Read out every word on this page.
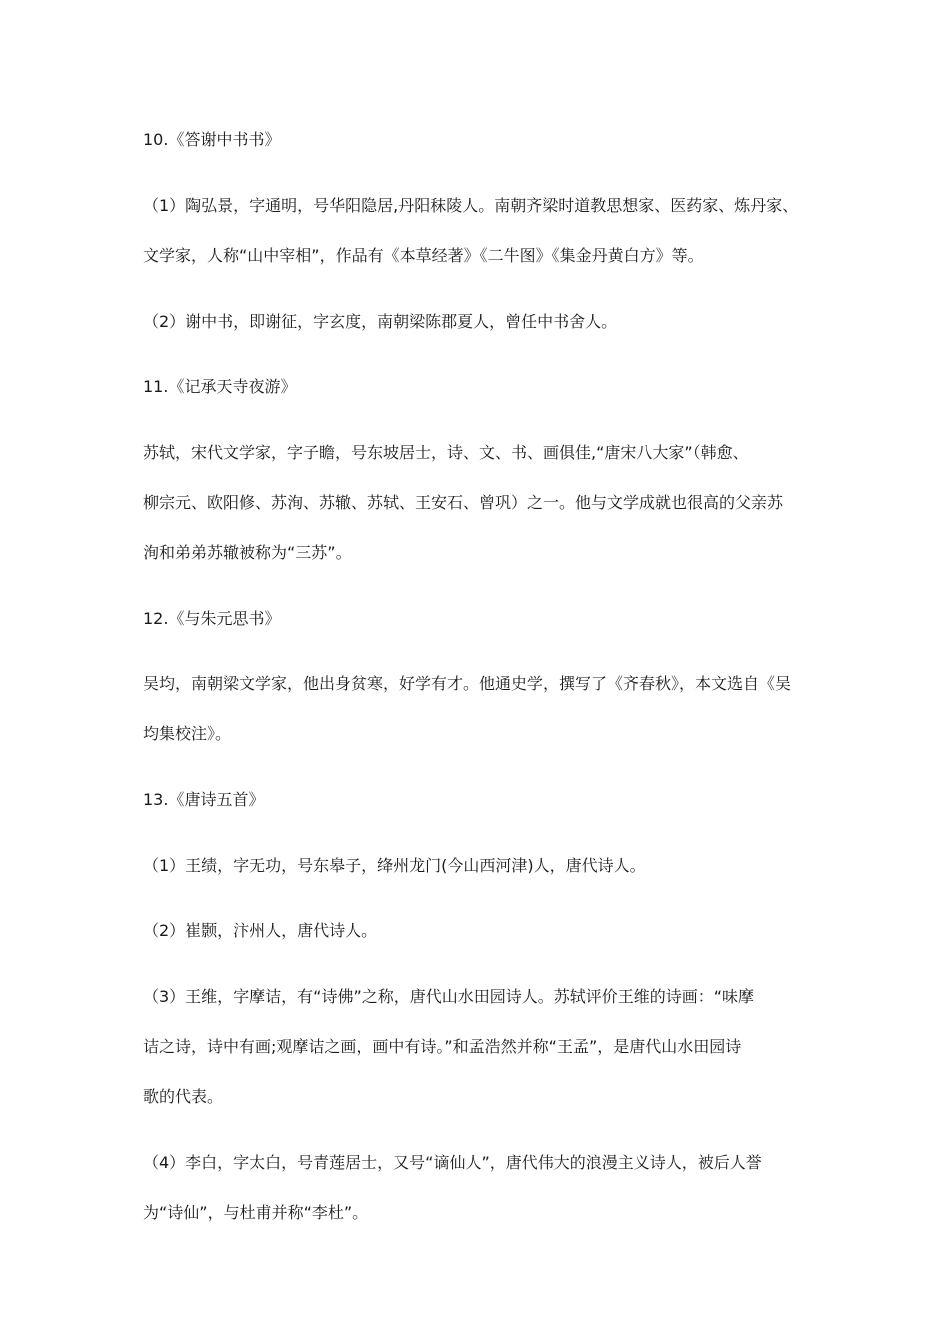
10.《答谢中书书》
（1）陶弘景，字通明，号华阳隐居,丹阳秣陵人。南朝齐梁时道教思想家、医药家、炼丹家、
文学家，人称“山中宰相”，作品有《本草经著》《二牛图》《集金丹黄白方》等。
（2）谢中书，即谢征，字玄度，南朝梁陈郡夏人，曾任中书舍人。
11.《记承天寺夜游》
苏轼，宋代文学家，字子瞻，号东坡居士，诗、文、书、画俱佳,“唐宋八大家”（韩愈、
柳宗元、欧阳修、苏洵、苏辙、苏轼、王安石、曾巩）之一。他与文学成就也很高的父亲苏
洵和弟弟苏辙被称为“三苏”。
12.《与朱元思书》
吴均，南朝梁文学家，他出身贫寒，好学有才。他通史学，撰写了《齐春秋》，本文选自《吴
均集校注》。
13.《唐诗五首》
（1）王绩，字无功，号东皋子，绛州龙门(今山西河津)人，唐代诗人。
（2）崔颢，汴州人，唐代诗人。
（3）王维，字摩诘，有“诗佛”之称，唐代山水田园诗人。苏轼评价王维的诗画：“味摩
诘之诗，诗中有画;观摩诘之画，画中有诗。”和孟浩然并称“王孟”，是唐代山水田园诗
歌的代表。
（4）李白，字太白，号青莲居士，又号“谪仙人”，唐代伟大的浪漫主义诗人，被后人誉
为“诗仙”，与杜甫并称“李杜”。
